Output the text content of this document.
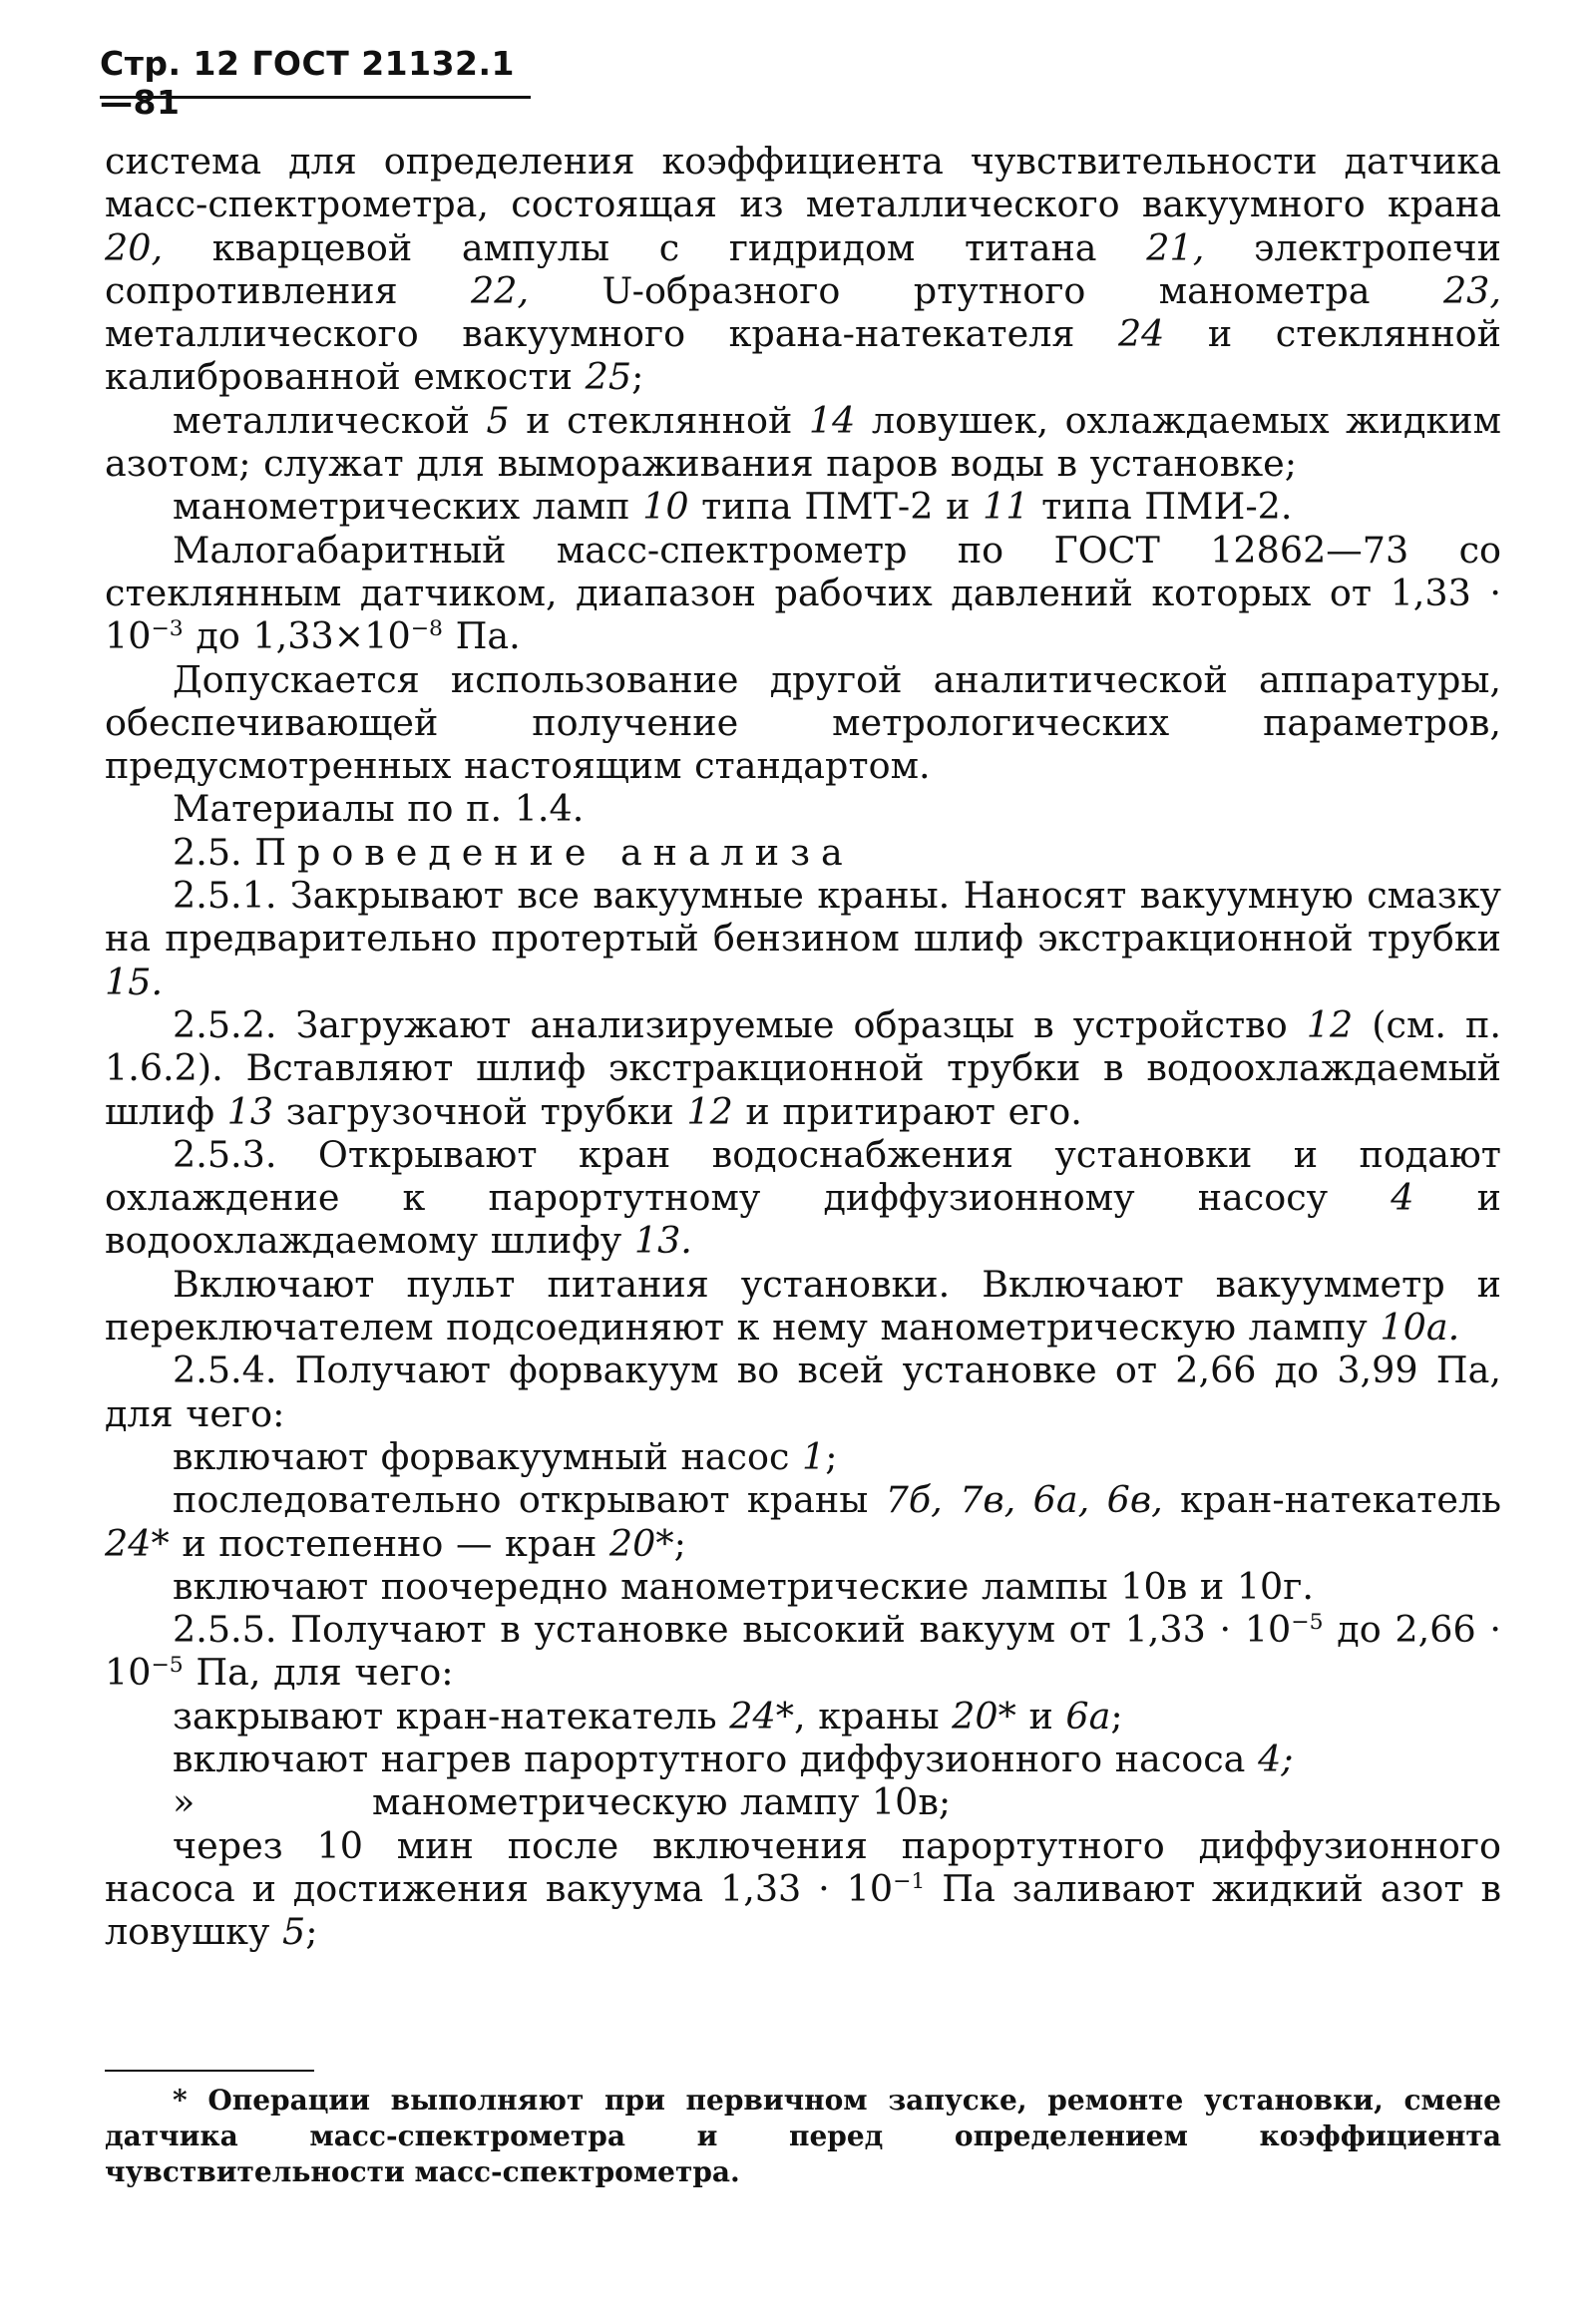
Стр. 12 ГОСТ 21132.1—81

система для определения коэффициента чувствительности датчика масс-спектрометра, состоящая из металлического вакуумного крана 20, кварцевой ампулы с гидридом титана 21, электропечи сопротивления 22, U-образного ртутного манометра 23, металлического вакуумного крана-натекателя 24 и стеклянной калиброванной емкости 25;

металлической 5 и стеклянной 14 ловушек, охлаждаемых жидким азотом; служат для вымораживания паров воды в установке;

манометрических ламп 10 типа ПМТ-2 и 11 типа ПМИ-2.

Малогабаритный масс-спектрометр по ГОСТ 12862—73 со стеклянным датчиком, диапазон рабочих давлений которых от $1,33 \cdot 10^{-3}$ до $1,33\times 10^{-8}$ Па.

Допускается использование другой аналитической аппаратуры, обеспечивающей получение метрологических параметров, предусмотренных настоящим стандартом.

Материалы по п. 1.4.

2.5. Проведение анализа

2.5.1. Закрывают все вакуумные краны. Наносят вакуумную смазку на предварительно протертый бензином шлиф экстракционной трубки 15.

2.5.2. Загружают анализируемые образцы в устройство 12 (см. п. 1.6.2). Вставляют шлиф экстракционной трубки в водоохлаждаемый шлиф 13 загрузочной трубки 12 и притирают его.

2.5.3. Открывают кран водоснабжения установки и подают охлаждение к парортутному диффузионному насосу 4 и водоохлаждаемому шлифу 13.

Включают пульт питания установки. Включают вакуумметр и переключателем подсоединяют к нему манометрическую лампу 10а.

2.5.4. Получают форвакуум во всей установке от 2,66 до 3,99 Па, для чего:

включают форвакуумный насос 1;

последовательно открывают краны 7б, 7в, 6а, 6в, кран-натекатель 24* и постепенно — кран 20*;

включают поочередно манометрические лампы 10в и 10г.

2.5.5. Получают в установке высокий вакуум от $1,33 \cdot 10^{-5}$ до $2,66 \cdot 10^{-5}$ Па, для чего:

закрывают кран-натекатель 24*, краны 20* и 6а;

включают нагрев парортутного диффузионного насоса 4;

»	манометрическую лампу 10в;

через 10 мин после включения парортутного диффузионного насоса и достижения вакуума $1,33 \cdot 10^{-1}$ Па заливают жидкий азот в ловушку 5;

* Операции выполняют при первичном запуске, ремонте установки, смене датчика масс-спектрометра и перед определением коэффициента чувствительности масс-спектрометра.
